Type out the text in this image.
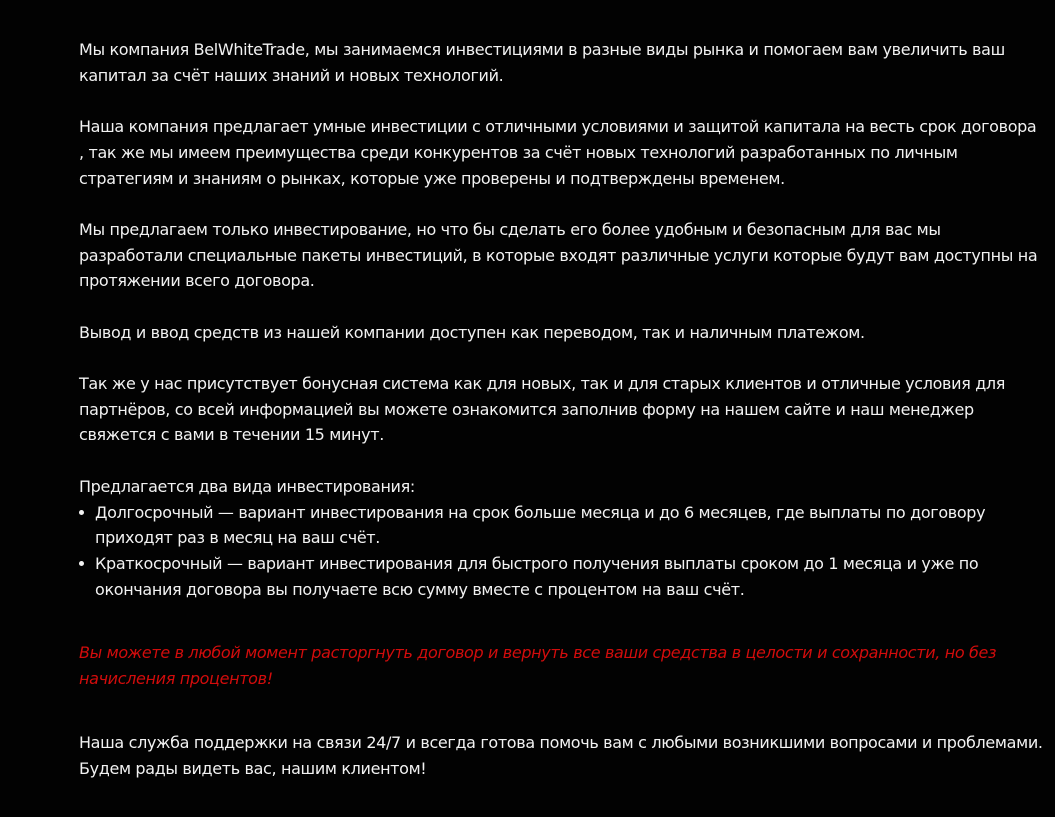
Мы компания BelWhiteTrade, мы занимаемся инвестициями в разные виды рынка и помогаем вам увеличить ваш капитал за счёт наших знаний и новых технологий.

Наша компания предлагает умные инвестиции с отличными условиями и защитой капитала на весть срок договора , так же мы имеем преимущества среди конкурентов за счёт новых технологий разработанных по личным стратегиям и знаниям о рынках, которые уже проверены и подтверждены временем.

Мы предлагаем только инвестирование, но что бы сделать его более удобным и безопасным для вас мы разработали специальные пакеты инвестиций, в которые входят различные услуги которые будут вам доступны на протяжении всего договора.

Вывод и ввод средств из нашей компании доступен как переводом, так и наличным платежом.

Так же у нас присутствует бонусная система как для новых, так и для старых клиентов и отличные условия для партнёров, со всей информацией вы можете ознакомится заполнив форму на нашем сайте и наш менеджер свяжется с вами в течении 15 минут.

Предлагается два вида инвестирования:

Долгосрочный — вариант инвестирования на срок больше месяца и до 6 месяцев, где выплаты по договору приходят раз в месяц на ваш счёт.
Краткосрочный — вариант инвестирования для быстрого получения выплаты сроком до 1 месяца и уже по окончания договора вы получаете всю сумму вместе с процентом на ваш счёт.

Вы можете в любой момент расторгнуть договор и вернуть все ваши средства в целости и сохранности, но без начисления процентов!

Наша служба поддержки на связи 24/7 и всегда готова помочь вам с любыми возникшими вопросами и проблемами.

Будем рады видеть вас, нашим клиентом!
